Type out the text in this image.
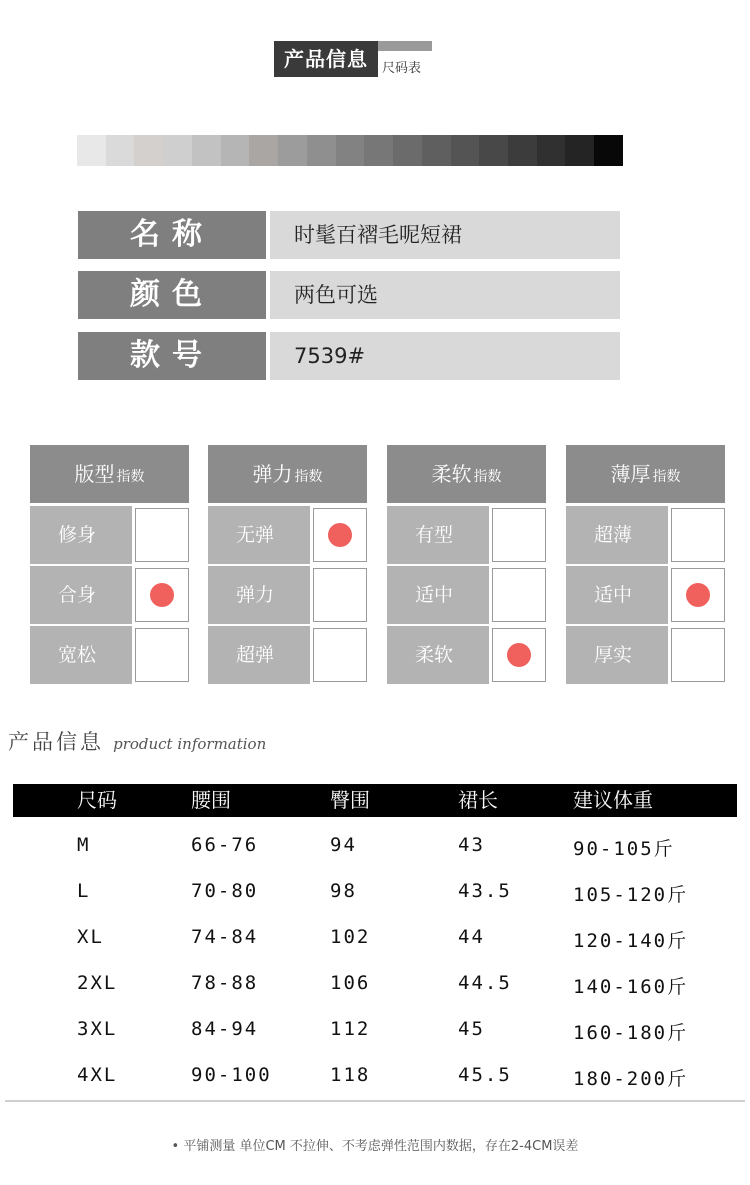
产品信息	尺码表
名称	时髦百褶毛呢短裙
颜色	两色可选
款号	7539#
版型 指数
修身
合身
宽松
弹力 指数
无弹
弹力
超弹
柔软 指数
有型
适中
柔软
薄厚 指数
超薄
适中
厚实
产品信息 product information
尺码	腰围	臀围	裙长	建议体重
M	66-76	94	43	90-105斤
L	70-80	98	43.5	105-120斤
XL	74-84	102	44	120-140斤
2XL	78-88	106	44.5	140-160斤
3XL	84-94	112	45	160-180斤
4XL	90-100	118	45.5	180-200斤
• 平铺测量 单位CM 不拉伸、不考虑弹性范围内数据，存在2-4CM误差
